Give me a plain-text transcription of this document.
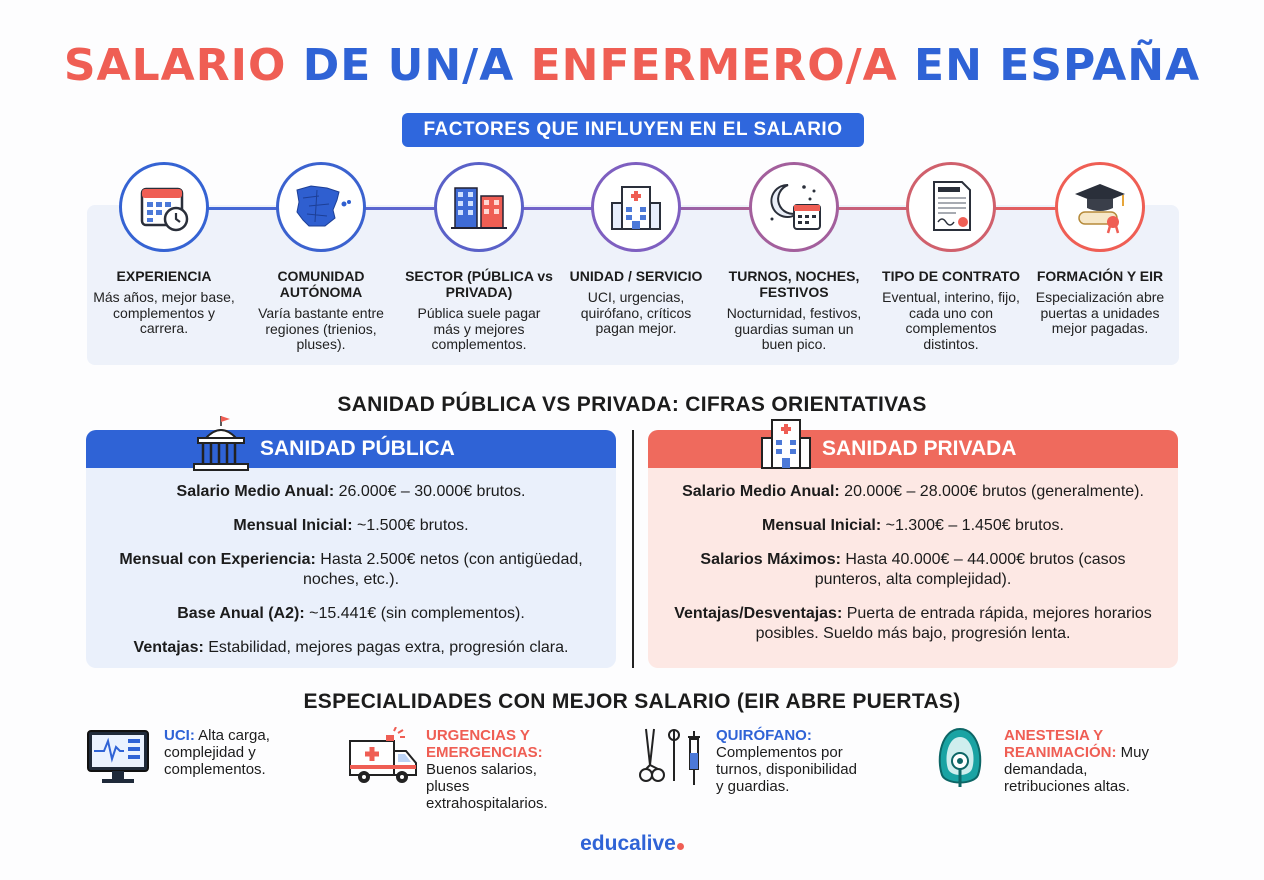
SALARIO DE UN/A ENFERMERO/A EN ESPAÑA
FACTORES QUE INFLUYEN EN EL SALARIO
EXPERIENCIA
Más años, mejor base, complementos y carrera.
COMUNIDAD AUTÓNOMA
Varía bastante entre regiones (trienios, pluses).
SECTOR (PÚBLICA vs PRIVADA)
Pública suele pagar más y mejores complementos.
UNIDAD / SERVICIO
UCI, urgencias, quirófano, críticos pagan mejor.
TURNOS, NOCHES, FESTIVOS
Nocturnidad, festivos, guardias suman un buen pico.
TIPO DE CONTRATO
Eventual, interino, fijo, cada uno con complementos distintos.
FORMACIÓN Y EIR
Especialización abre puertas a unidades mejor pagadas.
SANIDAD PÚBLICA VS PRIVADA: CIFRAS ORIENTATIVAS
SANIDAD PÚBLICA

Salario Medio Anual: 26.000€ – 30.000€ brutos.

Mensual Inicial: ~1.500€ brutos.

Mensual con Experiencia: Hasta 2.500€ netos (con antigüedad, noches, etc.).

Base Anual (A2): ~15.441€ (sin complementos).

Ventajas: Estabilidad, mejores pagas extra, progresión clara.

SANIDAD PRIVADA

Salario Medio Anual: 20.000€ – 28.000€ brutos (generalmente).

Mensual Inicial: ~1.300€ – 1.450€ brutos.

Salarios Máximos: Hasta 40.000€ – 44.000€ brutos (casos punteros, alta complejidad).

Ventajas/Desventajas: Puerta de entrada rápida, mejores horarios posibles. Sueldo más bajo, progresión lenta.

ESPECIALIDADES CON MEJOR SALARIO (EIR ABRE PUERTAS)
UCI: Alta carga, complejidad y complementos.
URGENCIAS Y EMERGENCIAS: Buenos salarios, pluses extrahospitalarios.
QUIRÓFANO: Complementos por turnos, disponibilidad y guardias.
ANESTESIA Y REANIMACIÓN: Muy demandada, retribuciones altas.
educalive
